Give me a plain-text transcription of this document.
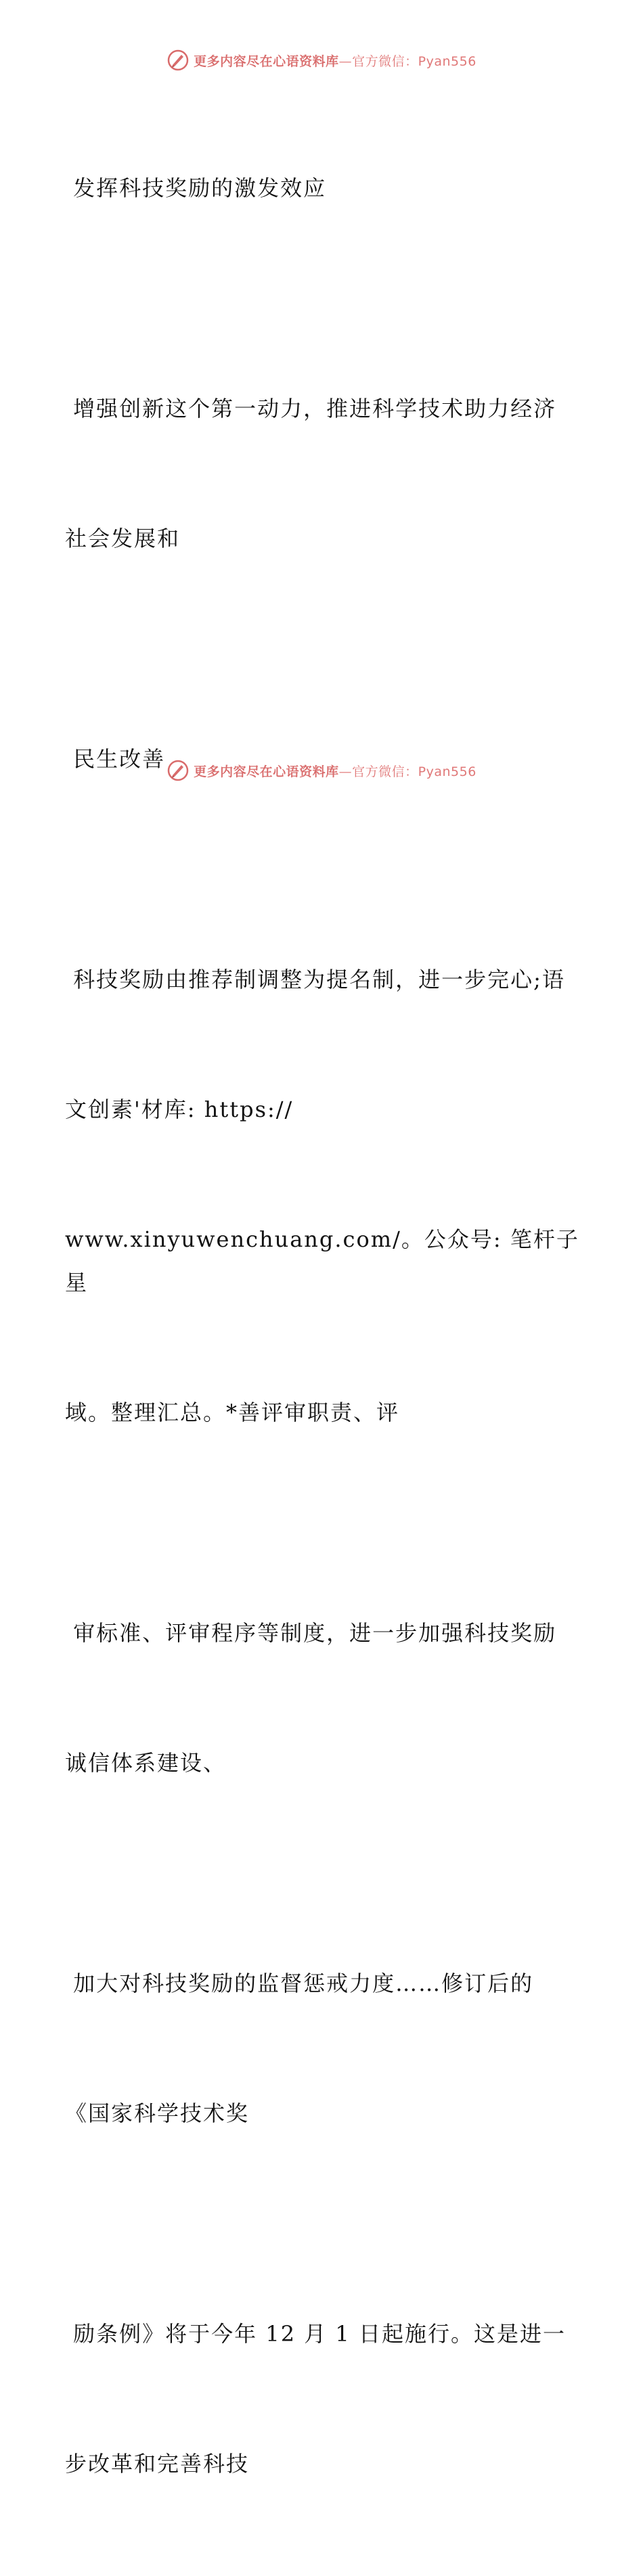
更多内容尽在心语资料库—官方微信：Pyan556

发挥科技奖励的激发效应

增强创新这个第一动力，推进科学技术助力经济

社会发展和

民生改善

科技奖励由推荐制调整为提名制，进一步完心;语

文创素'材库: https://

www.xinyuwenchuang.com/。公众号: 笔杆子星

域。整理汇总。*善评审职责、评

审标准、评审程序等制度，进一步加强科技奖励

诚信体系建设、

加大对科技奖励的监督惩戒力度……修订后的

《国家科学技术奖

励条例》将于今年 12 月 1 日起施行。这是进一

步改革和完善科技

更多内容尽在心语资料库—官方微信：Pyan556
